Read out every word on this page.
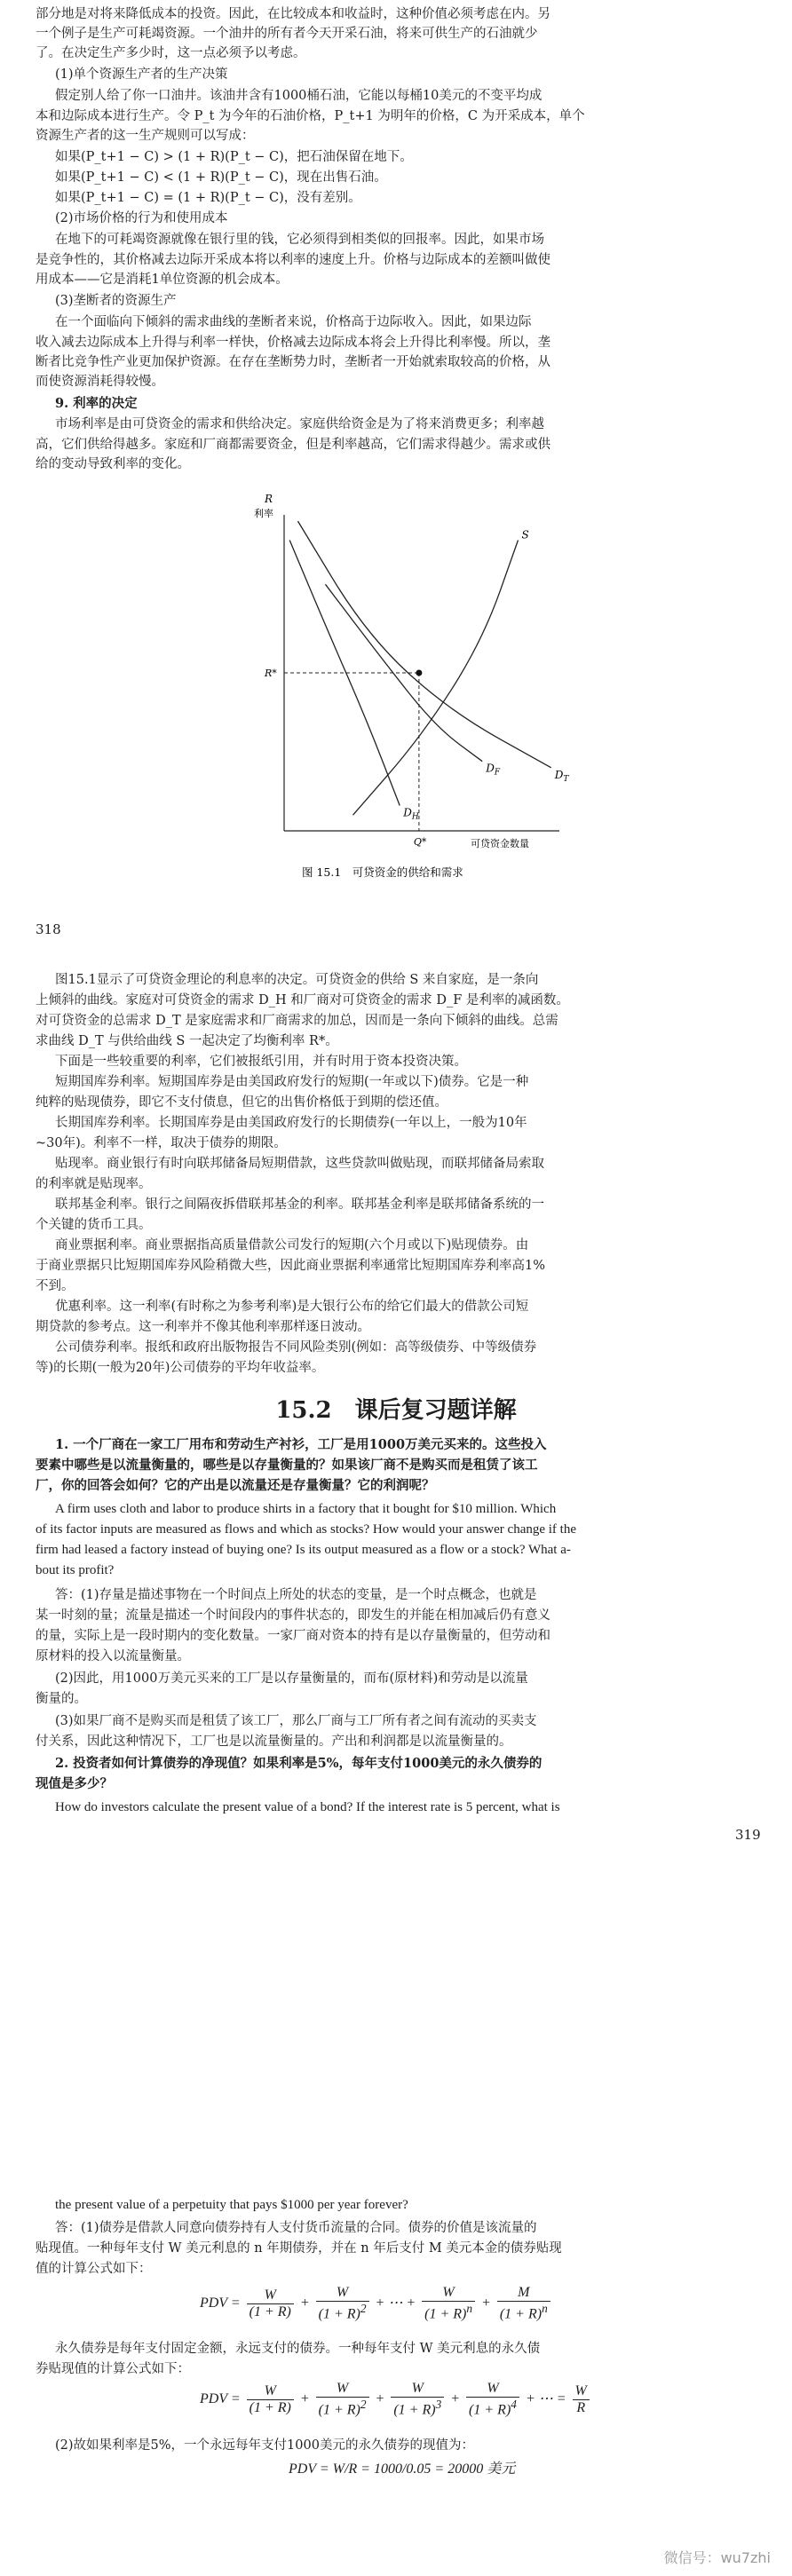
部分地是对将来降低成本的投资。因此，在比较成本和收益时，这种价值必须考虑在内。另
一个例子是生产可耗竭资源。一个油井的所有者今天开采石油，将来可供生产的石油就少
了。在决定生产多少时，这一点必须予以考虑。
(1)单个资源生产者的生产决策
假定别人给了你一口油井。该油井含有1000桶石油，它能以每桶10美元的不变平均成
本和边际成本进行生产。令 P_t 为今年的石油价格，P_t+1 为明年的价格，C 为开采成本，单个
资源生产者的这一生产规则可以写成：
如果(P_t+1 − C) > (1 + R)(P_t − C)，把石油保留在地下。
如果(P_t+1 − C) < (1 + R)(P_t − C)，现在出售石油。
如果(P_t+1 − C) = (1 + R)(P_t − C)，没有差别。
(2)市场价格的行为和使用成本
在地下的可耗竭资源就像在银行里的钱，它必须得到相类似的回报率。因此，如果市场
是竞争性的，其价格减去边际开采成本将以利率的速度上升。价格与边际成本的差额叫做使
用成本——它是消耗1单位资源的机会成本。
(3)垄断者的资源生产
在一个面临向下倾斜的需求曲线的垄断者来说，价格高于边际收入。因此，如果边际
收入减去边际成本上升得与利率一样快，价格减去边际成本将会上升得比利率慢。所以，垄
断者比竞争性产业更加保护资源。在存在垄断势力时，垄断者一开始就索取较高的价格，从
而使资源消耗得较慢。
9. 利率的决定
市场利率是由可贷资金的需求和供给决定。家庭供给资金是为了将来消费更多；利率越
高，它们供给得越多。家庭和厂商都需要资金，但是利率越高，它们需求得越少。需求或供
给的变动导致利率的变化。
R
利率
S
$D_H$
$D_F$	$D_T$
R*
Q*	可贷资金数量
图 15.1　可贷资金的供给和需求
318
图15.1显示了可贷资金理论的利息率的决定。可贷资金的供给 S 来自家庭，是一条向
上倾斜的曲线。家庭对可贷资金的需求 D_H 和厂商对可贷资金的需求 D_F 是利率的减函数。
对可贷资金的总需求 D_T 是家庭需求和厂商需求的加总，因而是一条向下倾斜的曲线。总需
求曲线 D_T 与供给曲线 S 一起决定了均衡利率 R*。
下面是一些较重要的利率，它们被报纸引用，并有时用于资本投资决策。
短期国库券利率。短期国库券是由美国政府发行的短期(一年或以下)债券。它是一种
纯粹的贴现债券，即它不支付债息，但它的出售价格低于到期的偿还值。
长期国库券利率。长期国库券是由美国政府发行的长期债券(一年以上，一般为10年
~30年)。利率不一样，取决于债券的期限。
贴现率。商业银行有时向联邦储备局短期借款，这些贷款叫做贴现，而联邦储备局索取
的利率就是贴现率。
联邦基金利率。银行之间隔夜拆借联邦基金的利率。联邦基金利率是联邦储备系统的一
个关键的货币工具。
商业票据利率。商业票据指高质量借款公司发行的短期(六个月或以下)贴现债券。由
于商业票据只比短期国库券风险稍微大些，因此商业票据利率通常比短期国库券利率高1%
不到。
优惠利率。这一利率(有时称之为参考利率)是大银行公布的给它们最大的借款公司短
期贷款的参考点。这一利率并不像其他利率那样逐日波动。
公司债券利率。报纸和政府出版物报告不同风险类别(例如：高等级债券、中等级债券
等)的长期(一般为20年)公司债券的平均年收益率。
15.2　课后复习题详解
1. 一个厂商在一家工厂用布和劳动生产衬衫，工厂是用1000万美元买来的。这些投入
要素中哪些是以流量衡量的，哪些是以存量衡量的？如果该厂商不是购买而是租赁了该工
厂，你的回答会如何？它的产出是以流量还是存量衡量？它的利润呢？
A firm uses cloth and labor to produce shirts in a factory that it bought for $10 million. Which
of its factor inputs are measured as flows and which as stocks? How would your answer change if the
firm had leased a factory instead of buying one? Is its output measured as a flow or a stock? What a-
bout its profit?
答：(1)存量是描述事物在一个时间点上所处的状态的变量，是一个时点概念，也就是
某一时刻的量；流量是描述一个时间段内的事件状态的，即发生的并能在相加减后仍有意义
的量，实际上是一段时期内的变化数量。一家厂商对资本的持有是以存量衡量的，但劳动和
原材料的投入以流量衡量。
(2)因此，用1000万美元买来的工厂是以存量衡量的，而布(原材料)和劳动是以流量
衡量的。
(3)如果厂商不是购买而是租赁了该工厂，那么厂商与工厂所有者之间有流动的买卖支
付关系，因此这种情况下，工厂也是以流量衡量的。产出和利润都是以流量衡量的。
2. 投资者如何计算债券的净现值？如果利率是5%，每年支付1000美元的永久债券的
现值是多少？
How do investors calculate the present value of a bond? If the interest rate is 5 percent, what is
319
the present value of a perpetuity that pays $1000 per year forever?
答：(1)债券是借款人同意向债券持有人支付货币流量的合同。债券的价值是该流量的
贴现值。一种每年支付 W 美元利息的 n 年期债券，并在 n 年后支付 M 美元本金的债券贴现
值的计算公式如下：
PDV = $\frac{W}{(1 + R)} + \frac{W}{(1 + R)^2}$ + ⋯ + $\frac{W}{(1 + R)^n} + \frac{M}{(1 + R)^n}$
永久债券是每年支付固定金额，永远支付的债券。一种每年支付 W 美元利息的永久债
券贴现值的计算公式如下：
PDV = $\frac{W}{(1 + R)} + \frac{W}{(1 + R)^2} + \frac{W}{(1 + R)^3} + \frac{W}{(1 + R)^4}$ + ⋯ = $\frac{W}{R}$
(2)故如果利率是5%，一个永远每年支付1000美元的永久债券的现值为：
PDV = W/R = 1000/0.05 = 20000 美元
微信号：wu7zhi
